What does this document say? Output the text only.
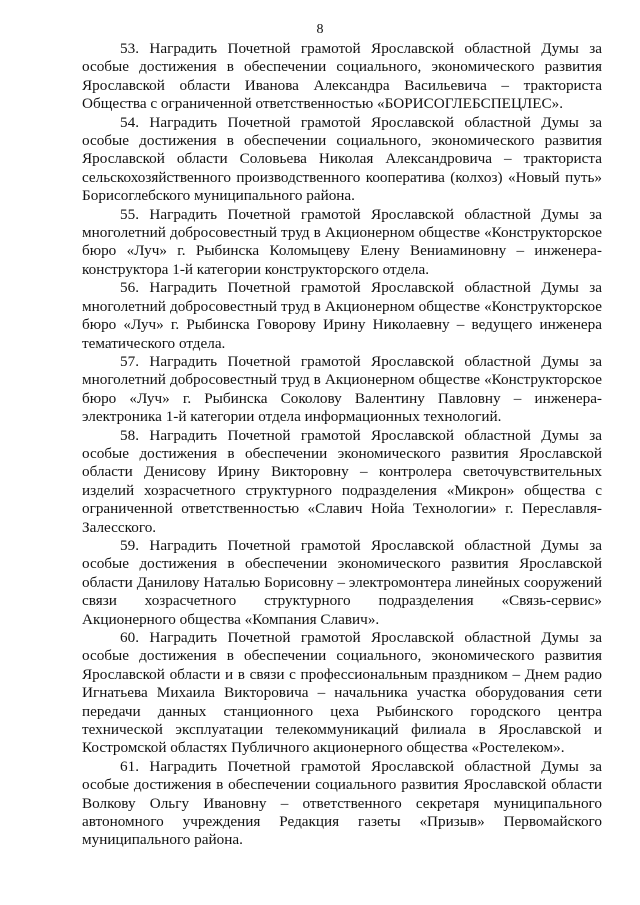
8

53. Наградить Почетной грамотой Ярославской областной Думы за особые достижения в обеспечении социального, экономического развития Ярославской области Иванова Александра Васильевича – тракториста Общества с ограниченной ответственностью «БОРИСОГЛЕБСПЕЦЛЕС».

54. Наградить Почетной грамотой Ярославской областной Думы за особые достижения в обеспечении социального, экономического развития Ярославской области Соловьева Николая Александровича – тракториста сельскохозяйственного производственного кооператива (колхоз) «Новый путь» Борисоглебского муниципального района.

55. Наградить Почетной грамотой Ярославской областной Думы за многолетний добросовестный труд в Акционерном обществе «Конструкторское бюро «Луч» г. Рыбинска Коломыцеву Елену Вениаминовну – инженера-конструктора 1-й категории конструкторского отдела.

56. Наградить Почетной грамотой Ярославской областной Думы за многолетний добросовестный труд в Акционерном обществе «Конструкторское бюро «Луч» г. Рыбинска Говорову Ирину Николаевну – ведущего инженера тематического отдела.

57. Наградить Почетной грамотой Ярославской областной Думы за многолетний добросовестный труд в Акционерном обществе «Конструкторское бюро «Луч» г. Рыбинска Соколову Валентину Павловну – инженера-электроника 1-й категории отдела информационных технологий.

58. Наградить Почетной грамотой Ярославской областной Думы за особые достижения в обеспечении экономического развития Ярославской области Денисову Ирину Викторовну – контролера светочувствительных изделий хозрасчетного структурного подразделения «Микрон» общества с ограниченной ответственностью «Славич Нойа Технологии» г. Переславля-Залесского.

59. Наградить Почетной грамотой Ярославской областной Думы за особые достижения в обеспечении экономического развития Ярославской области Данилову Наталью Борисовну – электромонтера линейных сооружений связи хозрасчетного структурного подразделения «Связь-сервис» Акционерного общества «Компания Славич».

60. Наградить Почетной грамотой Ярославской областной Думы за особые достижения в обеспечении социального, экономического развития Ярославской области и в связи с профессиональным праздником – Днем радио Игнатьева Михаила Викторовича – начальника участка оборудования сети передачи данных станционного цеха Рыбинского городского центра технической эксплуатации телекоммуникаций филиала в Ярославской и Костромской областях Публичного акционерного общества «Ростелеком».

61. Наградить Почетной грамотой Ярославской областной Думы за особые достижения в обеспечении социального развития Ярославской области Волкову Ольгу Ивановну – ответственного секретаря муниципального автономного учреждения Редакция газеты «Призыв» Первомайского муниципального района.
